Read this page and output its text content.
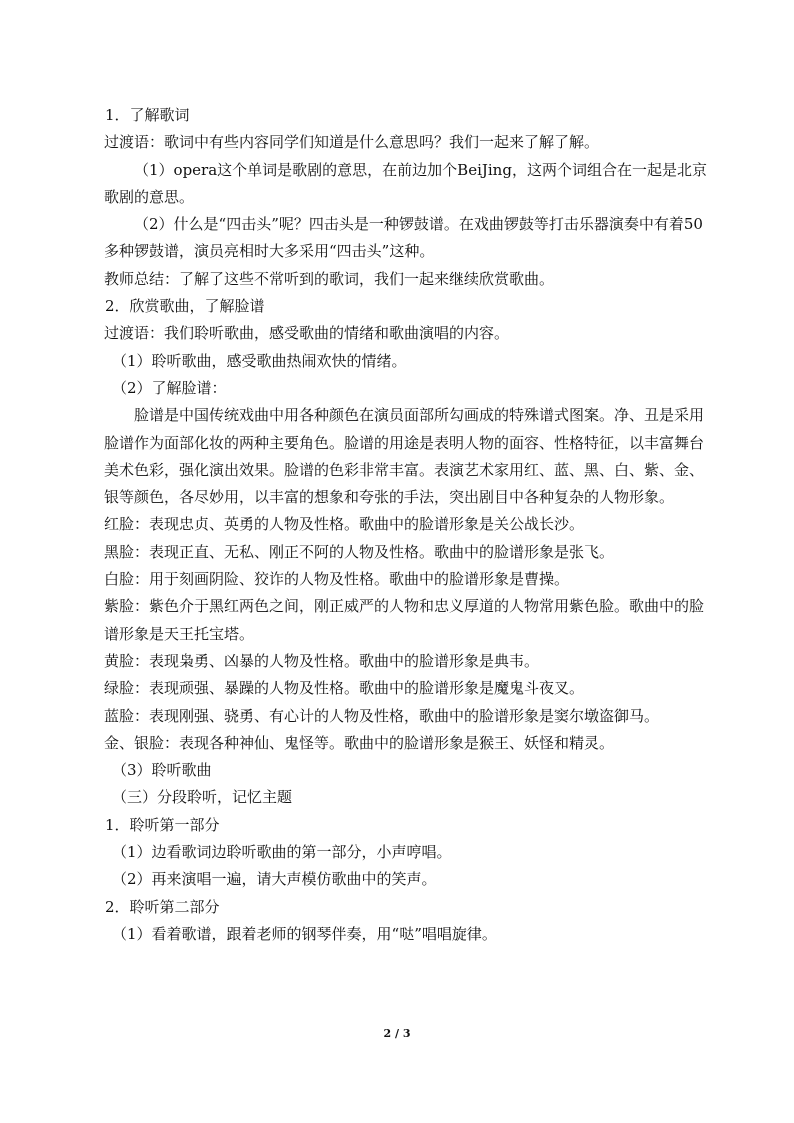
1．了解歌词

过渡语：歌词中有些内容同学们知道是什么意思吗？我们一起来了解了解。

（1）opera这个单词是歌剧的意思，在前边加个BeiJing，这两个词组合在一起是北京歌剧的意思。

（2）什么是“四击头”呢？四击头是一种锣鼓谱。在戏曲锣鼓等打击乐器演奏中有着50多种锣鼓谱，演员亮相时大多采用“四击头”这种。

教师总结：了解了这些不常听到的歌词，我们一起来继续欣赏歌曲。

2．欣赏歌曲，了解脸谱

过渡语：我们聆听歌曲，感受歌曲的情绪和歌曲演唱的内容。

（1）聆听歌曲，感受歌曲热闹欢快的情绪。

（2）了解脸谱：

脸谱是中国传统戏曲中用各种颜色在演员面部所勾画成的特殊谱式图案。净、丑是采用脸谱作为面部化妆的两种主要角色。脸谱的用途是表明人物的面容、性格特征，以丰富舞台美术色彩，强化演出效果。脸谱的色彩非常丰富。表演艺术家用红、蓝、黑、白、紫、金、银等颜色，各尽妙用，以丰富的想象和夸张的手法，突出剧目中各种复杂的人物形象。

红脸：表现忠贞、英勇的人物及性格。歌曲中的脸谱形象是关公战长沙。

黑脸：表现正直、无私、刚正不阿的人物及性格。歌曲中的脸谱形象是张飞。

白脸：用于刻画阴险、狡诈的人物及性格。歌曲中的脸谱形象是曹操。

紫脸：紫色介于黑红两色之间，刚正威严的人物和忠义厚道的人物常用紫色脸。歌曲中的脸谱形象是天王托宝塔。

黄脸：表现枭勇、凶暴的人物及性格。歌曲中的脸谱形象是典韦。

绿脸：表现顽强、暴躁的人物及性格。歌曲中的脸谱形象是魔鬼斗夜叉。

蓝脸：表现刚强、骁勇、有心计的人物及性格，歌曲中的脸谱形象是窦尔墩盗御马。

金、银脸：表现各种神仙、鬼怪等。歌曲中的脸谱形象是猴王、妖怪和精灵。

（3）聆听歌曲

（三）分段聆听，记忆主题

1．聆听第一部分

（1）边看歌词边聆听歌曲的第一部分，小声哼唱。

（2）再来演唱一遍，请大声模仿歌曲中的笑声。

2．聆听第二部分

（1）看着歌谱，跟着老师的钢琴伴奏，用“哒”唱唱旋律。

2 / 3
